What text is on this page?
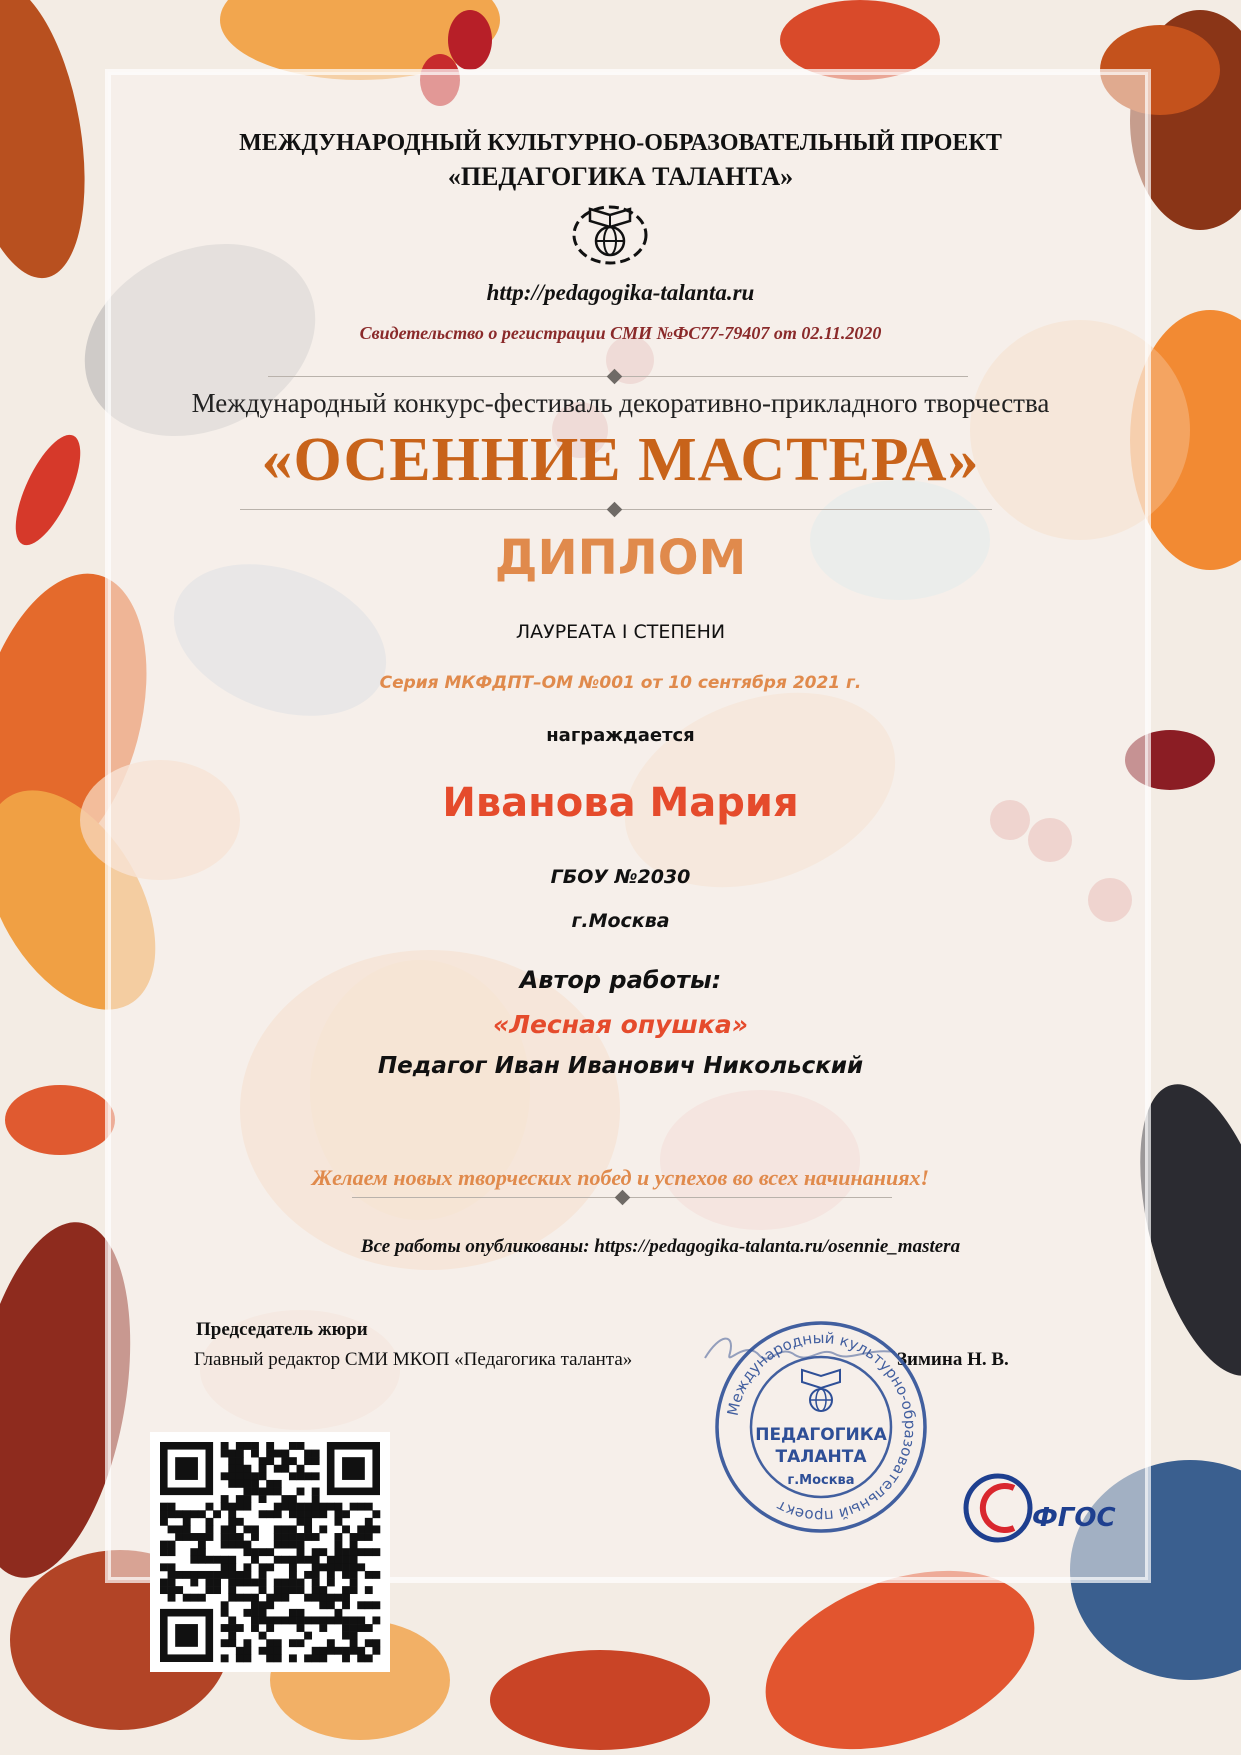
МЕЖДУНАРОДНЫЙ КУЛЬТУРНО-ОБРАЗОВАТЕЛЬНЫЙ ПРОЕКТ
«ПЕДАГОГИКА ТАЛАНТА»
http://pedagogika-talanta.ru
Свидетельство о регистрации СМИ №ФС77-79407 от 02.11.2020
Международный конкурс-фестиваль декоративно-прикладного творчества
«ОСЕННИЕ МАСТЕРА»
ДИПЛОМ
ЛАУРЕАТА I СТЕПЕНИ
Серия МКФДПТ–ОМ №001 от 10 сентября 2021 г.
награждается
Иванова Мария
ГБОУ №2030
г.Москва
Автор работы:
«Лесная опушка»
Педагог Иван Иванович Никольский
Желаем новых творческих побед и успехов во всех начинаниях!
Все работы опубликованы: https://pedagogika-talanta.ru/osennie_mastera
Председатель жюри
Главный редактор СМИ МКОП «Педагогика таланта»	Зимина Н. В.
Международный культурно-образовательный проект
ПЕДАГОГИКА
ТАЛАНТА
г.Москва
ФГОС
